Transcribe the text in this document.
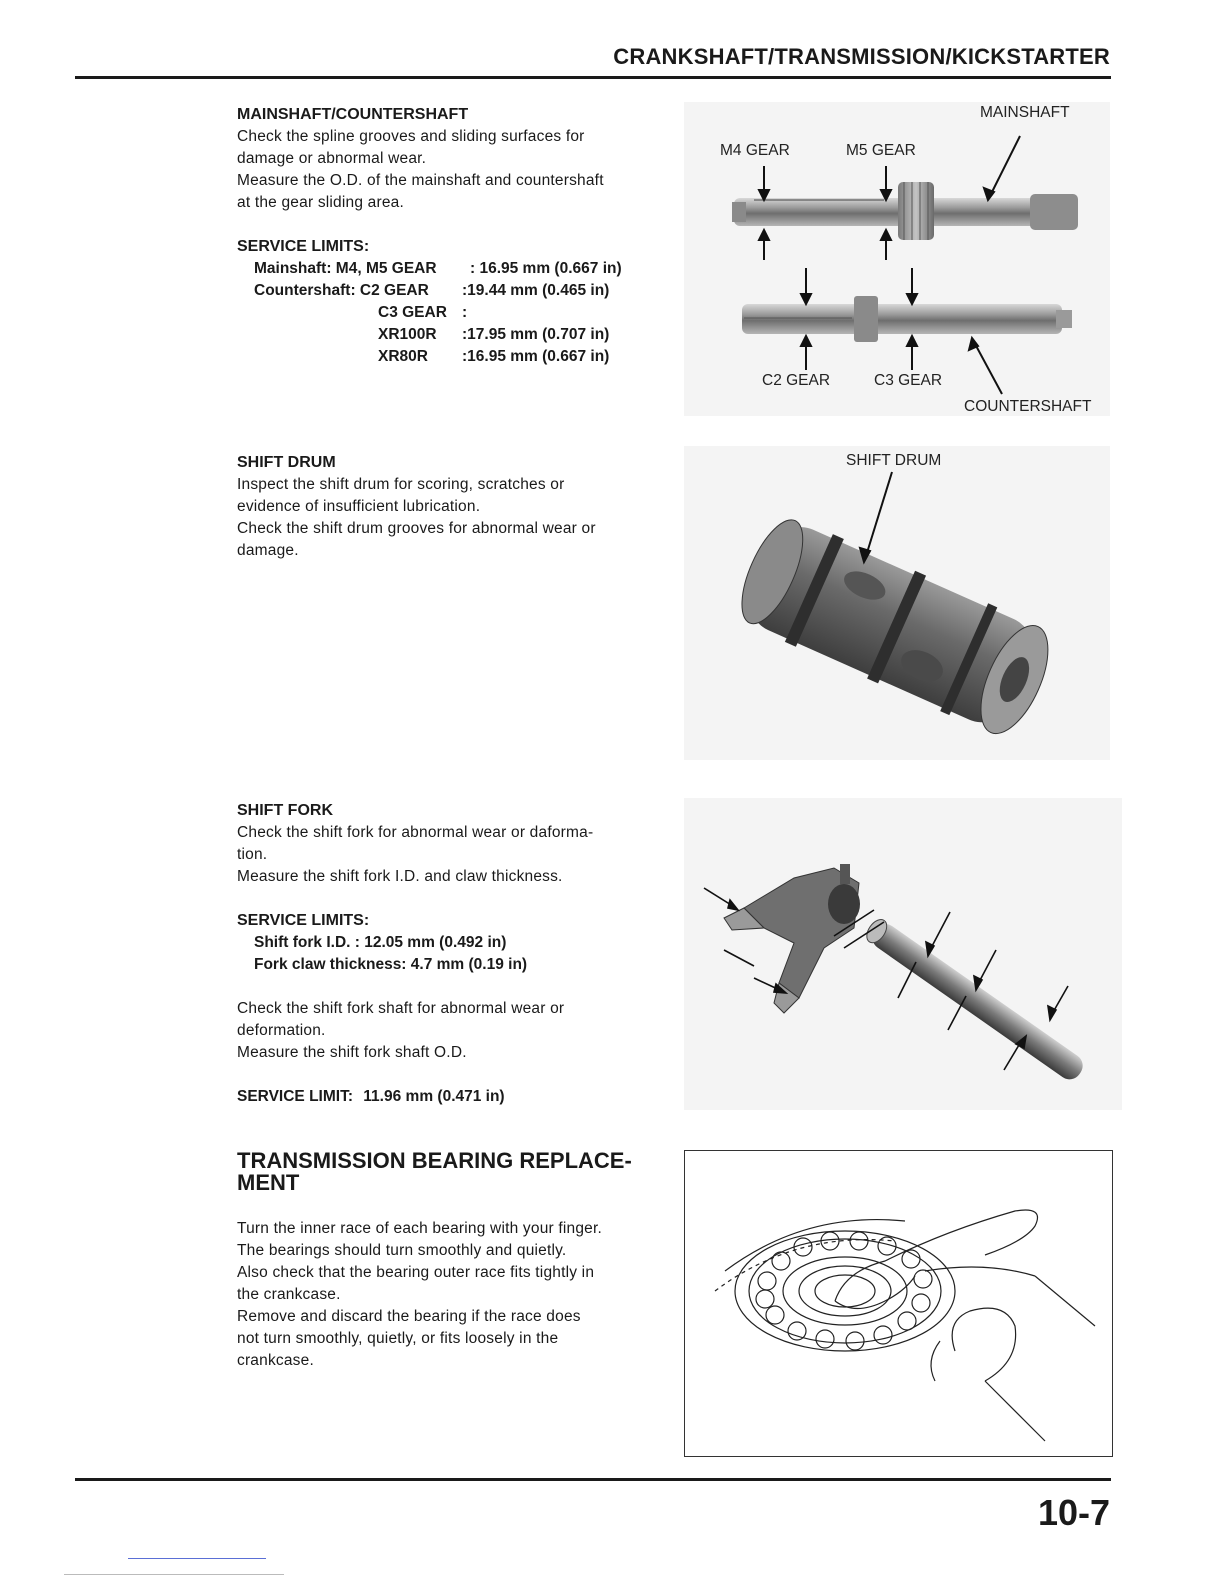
CRANKSHAFT/TRANSMISSION/KICKSTARTER
MAINSHAFT/COUNTERSHAFT
Check the spline grooves and sliding surfaces for
damage or abnormal wear.
Measure the O.D. of the mainshaft and countershaft
at the gear sliding area.
SERVICE LIMITS:
Mainshaft: M4, M5 GEAR : 16.95 mm (0.667 in)
Countershaft: C2 GEAR :19.44 mm (0.465 in)
C3 GEAR :
XR100R :17.95 mm (0.707 in)
XR80R :16.95 mm (0.667 in)
MAINSHAFT
M4 GEAR	M5 GEAR
C2 GEAR	C3 GEAR
COUNTERSHAFT
SHIFT DRUM
Inspect the shift drum for scoring, scratches or
evidence of insufficient lubrication.
Check the shift drum grooves for abnormal wear or
damage.
SHIFT DRUM
SHIFT FORK
Check the shift fork for abnormal wear or daforma-
tion.
Measure the shift fork I.D. and claw thickness.
SERVICE LIMITS:
Shift fork I.D. : 12.05 mm (0.492 in)
Fork claw thickness: 4.7 mm (0.19 in)
Check the shift fork shaft for abnormal wear or
deformation.
Measure the shift fork shaft O.D.
SERVICE LIMIT: 11.96 mm (0.471 in)
TRANSMISSION BEARING REPLACE-
MENT
Turn the inner race of each bearing with your finger.
The bearings should turn smoothly and quietly.
Also check that the bearing outer race fits tightly in
the crankcase.
Remove and discard the bearing if the race does
not turn smoothly, quietly, or fits loosely in the
crankcase.
10-7
